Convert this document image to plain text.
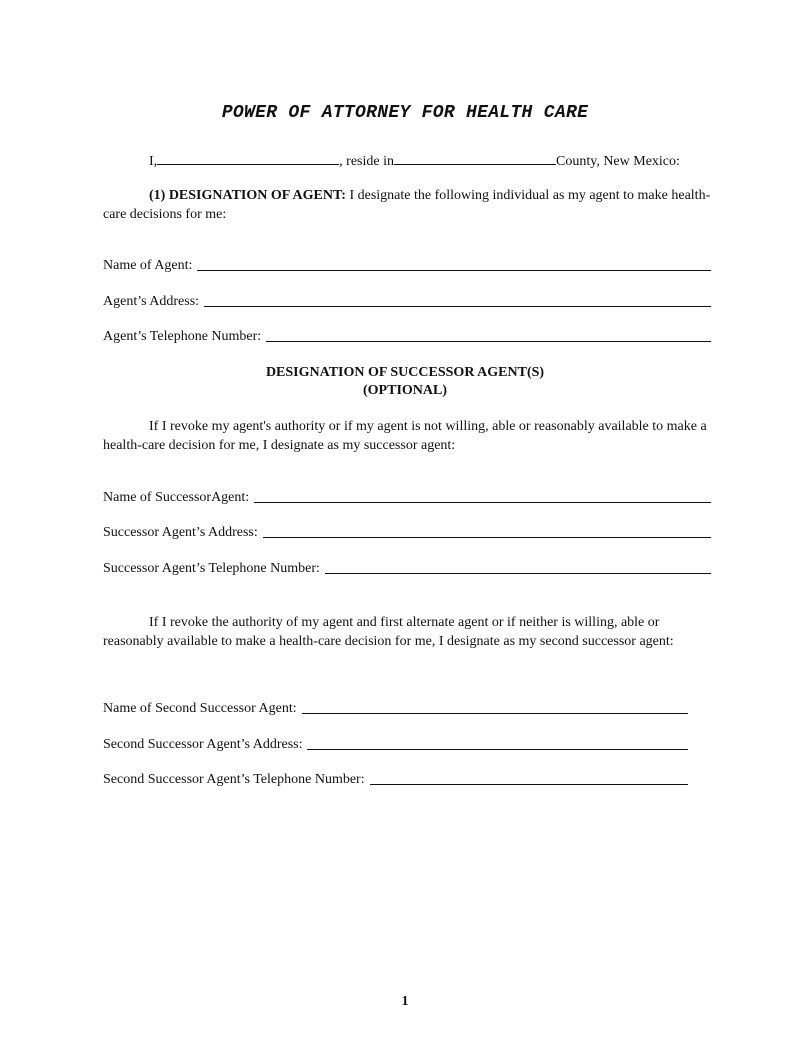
POWER OF ATTORNEY FOR HEALTH CARE
I,	, reside in	County, New Mexico:
(1) DESIGNATION OF AGENT: I designate the following individual as my agent to make health-care decisions for me:
Name of Agent:
Agent’s Address:
Agent’s Telephone Number:
DESIGNATION OF SUCCESSOR AGENT(S)
(OPTIONAL)
If I revoke my agent's authority or if my agent is not willing, able or reasonably available to make a health-care decision for me, I designate as my successor agent:
Name of SuccessorAgent:
Successor Agent’s Address:
Successor Agent’s Telephone Number:
If I revoke the authority of my agent and first alternate agent or if neither is willing, able or reasonably available to make a health-care decision for me, I designate as my second successor agent:
Name of Second Successor Agent:
Second Successor Agent’s Address:
Second Successor Agent’s Telephone Number:
1
